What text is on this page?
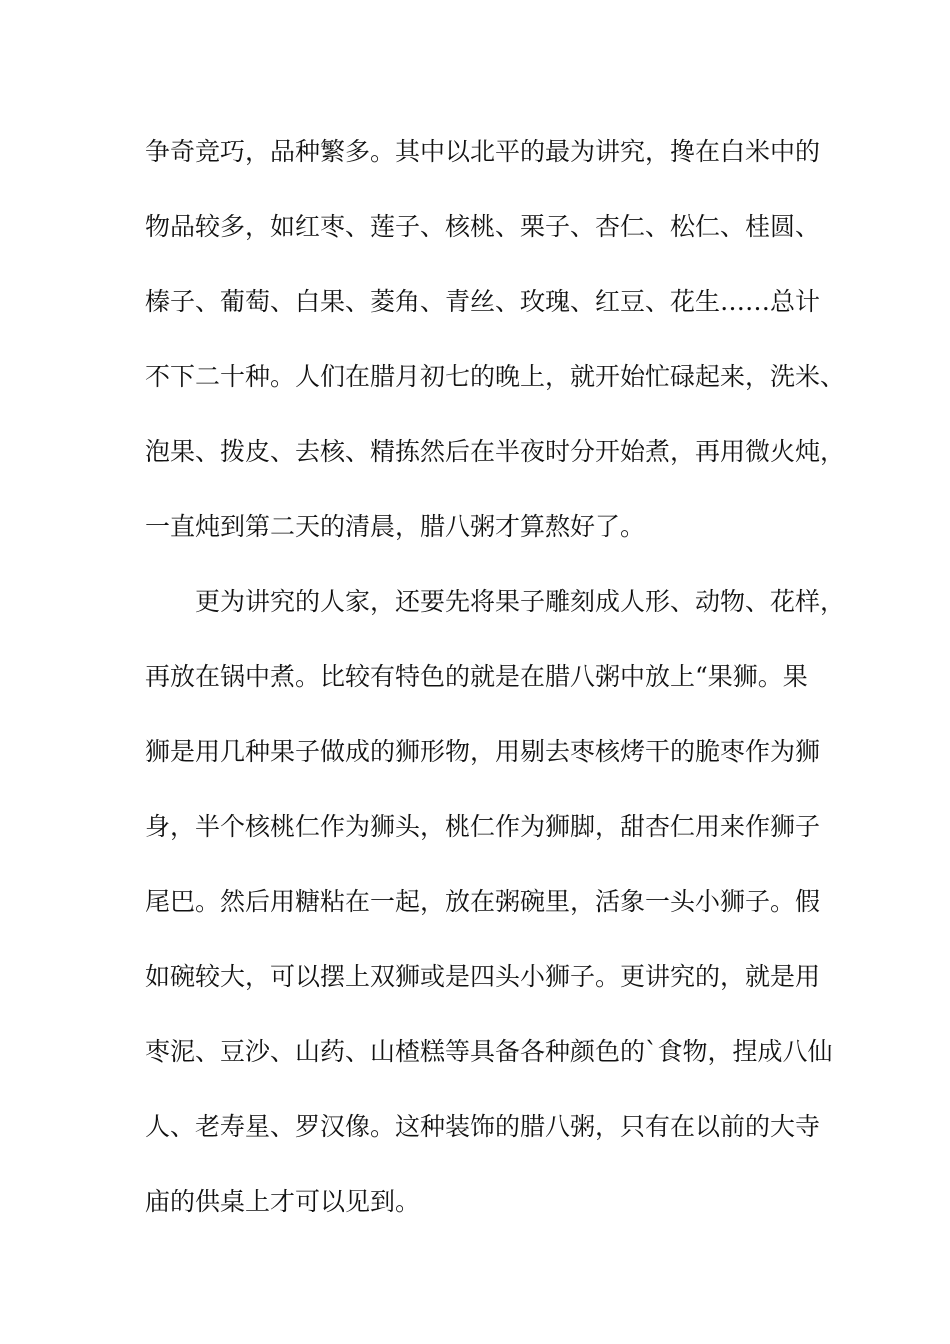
争奇竞巧，品种繁多。其中以北平的最为讲究，搀在白米中的
物品较多，如红枣、莲子、核桃、栗子、杏仁、松仁、桂圆、
榛子、葡萄、白果、菱角、青丝、玫瑰、红豆、花生……总计
不下二十种。人们在腊月初七的晚上，就开始忙碌起来，洗米、
泡果、拨皮、去核、精拣然后在半夜时分开始煮，再用微火炖，
一直炖到第二天的清晨，腊八粥才算熬好了。
更为讲究的人家，还要先将果子雕刻成人形、动物、花样，
再放在锅中煮。比较有特色的就是在腊八粥中放上“果狮。果
狮是用几种果子做成的狮形物，用剔去枣核烤干的脆枣作为狮
身，半个核桃仁作为狮头，桃仁作为狮脚，甜杏仁用来作狮子
尾巴。然后用糖粘在一起，放在粥碗里，活象一头小狮子。假
如碗较大，可以摆上双狮或是四头小狮子。更讲究的，就是用
枣泥、豆沙、山药、山楂糕等具备各种颜色的`食物，捏成八仙
人、老寿星、罗汉像。这种装饰的腊八粥，只有在以前的大寺
庙的供桌上才可以见到。
